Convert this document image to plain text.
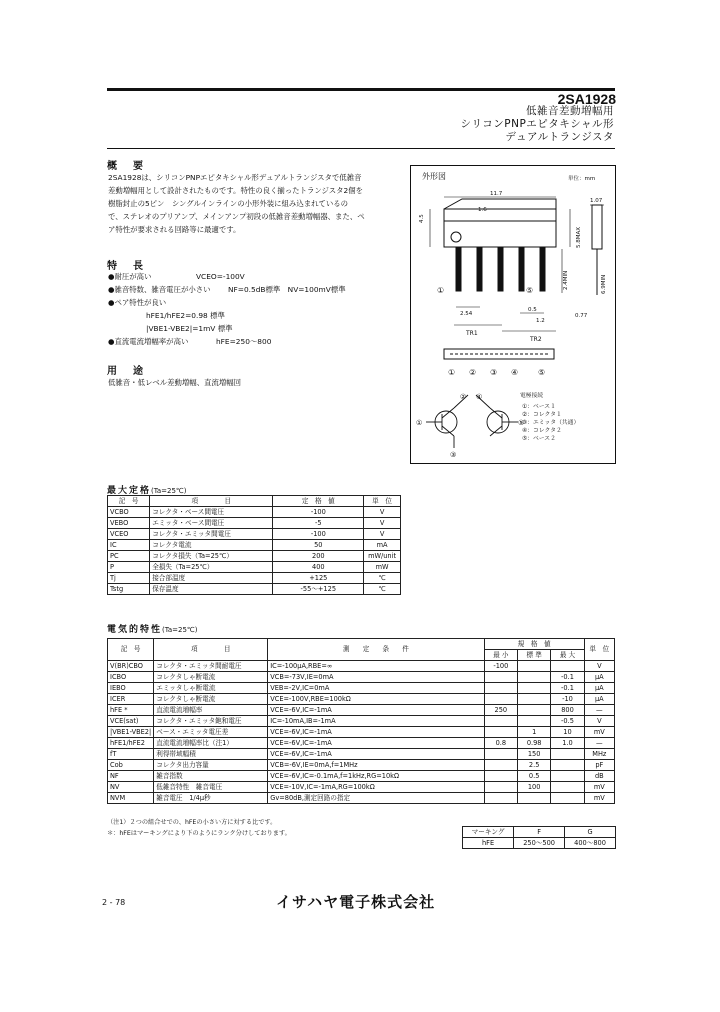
2SA1928
低雑音差動増幅用
シリコンPNPエピタキシャル形
デュアルトランジスタ
概　要
2SA1928は、シリコンPNPエピタキシャル形デュアルトランジスタで低雑音
差動増幅用として設計されたものです。特性の良く揃ったトランジスタ2個を
樹脂封止の5ピン　シングルインラインの小形外装に組み込まれているの
で、ステレオのプリアンプ、メインアンプ初段の低雑音差動増幅器、また、ペ
ア特性が要求される回路等に最適です。
特　長
●耐圧が高い	VCEO=-100V
●雑音特数、雑音電圧が小さい NF=0.5dB標準　NV=100mV標準
●ペア特性が良い
hFE1/hFE2=0.98 標準
|VBE1-VBE2|=1mV 標準
●直流電流増幅率が高い	hFE=250〜800
用　途
低雑音・低レベル差動増幅、直流増幅回
外形図	単位：mm
11.7
1.6
1.07
5.8MAX
2.4MIN	6.9MIN
2.54
0.5
1.2
0.77
4.5
①	⑤
TR1
TR2
① ② ③ ④ ⑤
①
②
③
④
⑤
電極接続
①：ベース１
②：コレクタ１
③：エミッタ（共通）
④：コレクタ２
⑤：ベース２
最大定格(Ta=25℃)
記　号	項　　　　目	定　格　値	単　位
VCBO	コレクタ・ベース間電圧	-100	V
VEBO	エミッタ・ベース間電圧	-5	V
VCEO	コレクタ・エミッタ間電圧	-100	V
IC	コレクタ電流	50	mA
PC	コレクタ損失（Ta=25℃）	200	mW/unit
P	全損失（Ta=25℃）	400	mW
Tj	接合部温度	+125	℃
Tstg	保存温度	-55〜+125	℃
電気的特性(Ta=25℃)
記　号	項　　　　目	測　　定　　条　　件	規　格　値			単　位
			最 小	標 準	最 大	
V(BR)CBO	コレクタ・エミッタ間耐電圧	IC=-100μA,RBE=∞	-100			V
ICBO	コレクタしゃ断電流	VCB=-73V,IE=0mA			-0.1	μA
IEBO	エミッタしゃ断電流	VEB=-2V,IC=0mA			-0.1	μA
ICER	コレクタしゃ断電流	VCE=-100V,RBE=100kΩ			-10	μA
hFE *	直流電流増幅率	VCE=-6V,IC=-1mA	250		800	—
VCE(sat)	コレクタ・エミッタ飽和電圧	IC=-10mA,IB=-1mA			-0.5	V
|VBE1-VBE2|	ベース・エミッタ電圧差	VCE=-6V,IC=-1mA		1	10	mV
hFE1/hFE2	直流電流増幅率比（注1）	VCE=-6V,IC=-1mA	0.8	0.98	1.0	—
fT	利得帯域幅積	VCE=-6V,IC=-1mA		150		MHz
Cob	コレクタ出力容量	VCB=-6V,IE=0mA,f=1MHz		2.5		pF
NF	雑音指数	VCE=-6V,IC=-0.1mA,f=1kHz,RG=10kΩ		0.5		dB
NV	低雑音特性　雑音電圧	VCE=-10V,IC=-1mA,RG=100kΩ		100		mV
NVM	雑音電圧　1/4μ秒	Gv=80dB,測定回路の指定				mV
（注1）２つの組合せでの、hFEの小さい方に対する比です。
＊：hFEはマーキングにより下のようにランク分けしております。	マーキング	F	G
hFE	250〜500	400〜800
2 - 78	イサハヤ電子株式会社
